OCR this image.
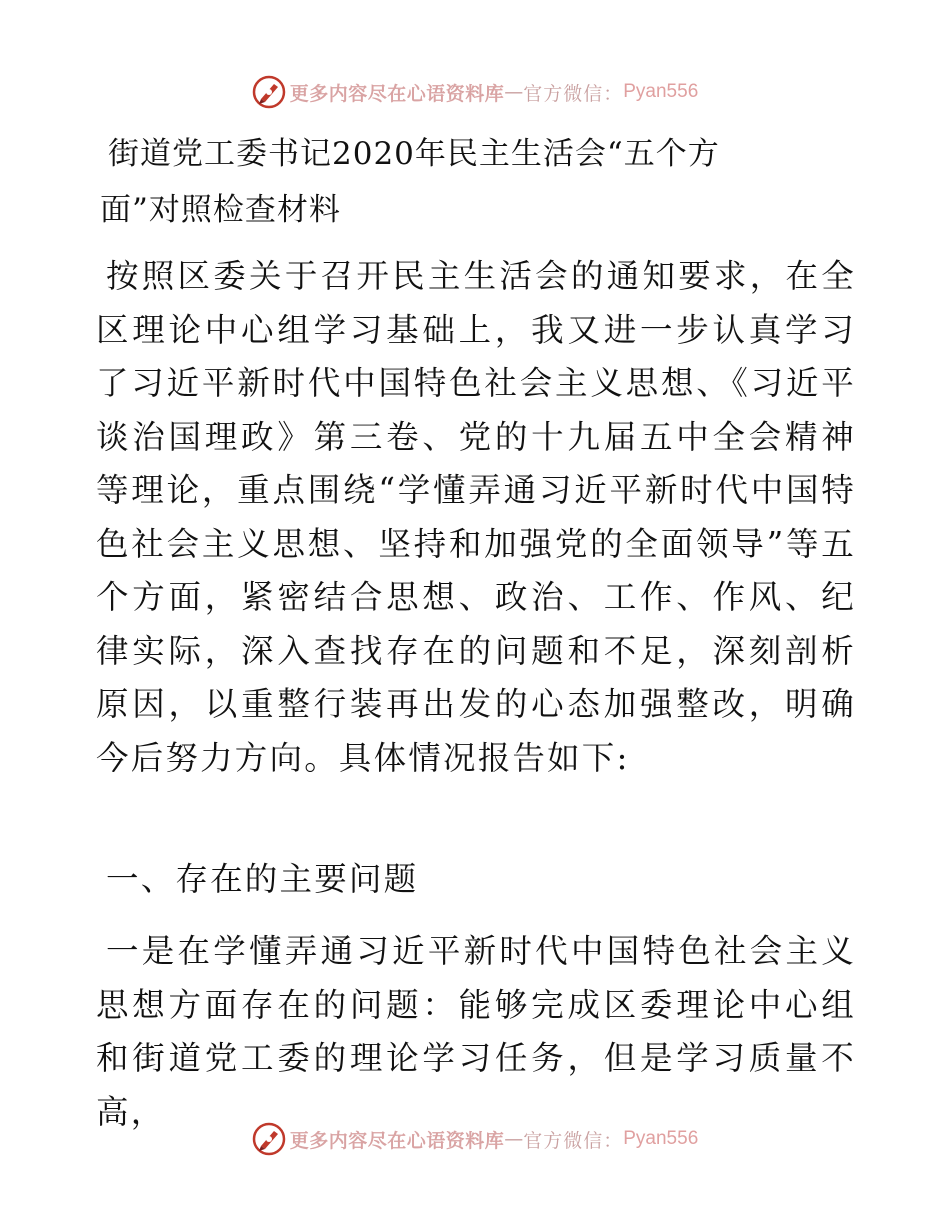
更多内容尽在心语资料库 — 官方微信： Pyan556
街道党工委书记2020年民主生活会“五个方面”对照检查材料

按照区委关于召开民主生活会的通知要求，在全区理论中心组学习基础上，我又进一步认真学习了习近平新时代中国特色社会主义思想、《习近平谈治国理政》第三卷、党的十九届五中全会精神等理论，重点围绕“学懂弄通习近平新时代中国特色社会主义思想、坚持和加强党的全面领导”等五个方面，紧密结合思想、政治、工作、作风、纪律实际，深入查找存在的问题和不足，深刻剖析原因，以重整行装再出发的心态加强整改，明确今后努力方向。具体情况报告如下:

一、存在的主要问题

一是在学懂弄通习近平新时代中国特色社会主义思想方面存在的问题：能够完成区委理论中心组和街道党工委的理论学习任务，但是学习质量不高，

更多内容尽在心语资料库 — 官方微信： Pyan556
